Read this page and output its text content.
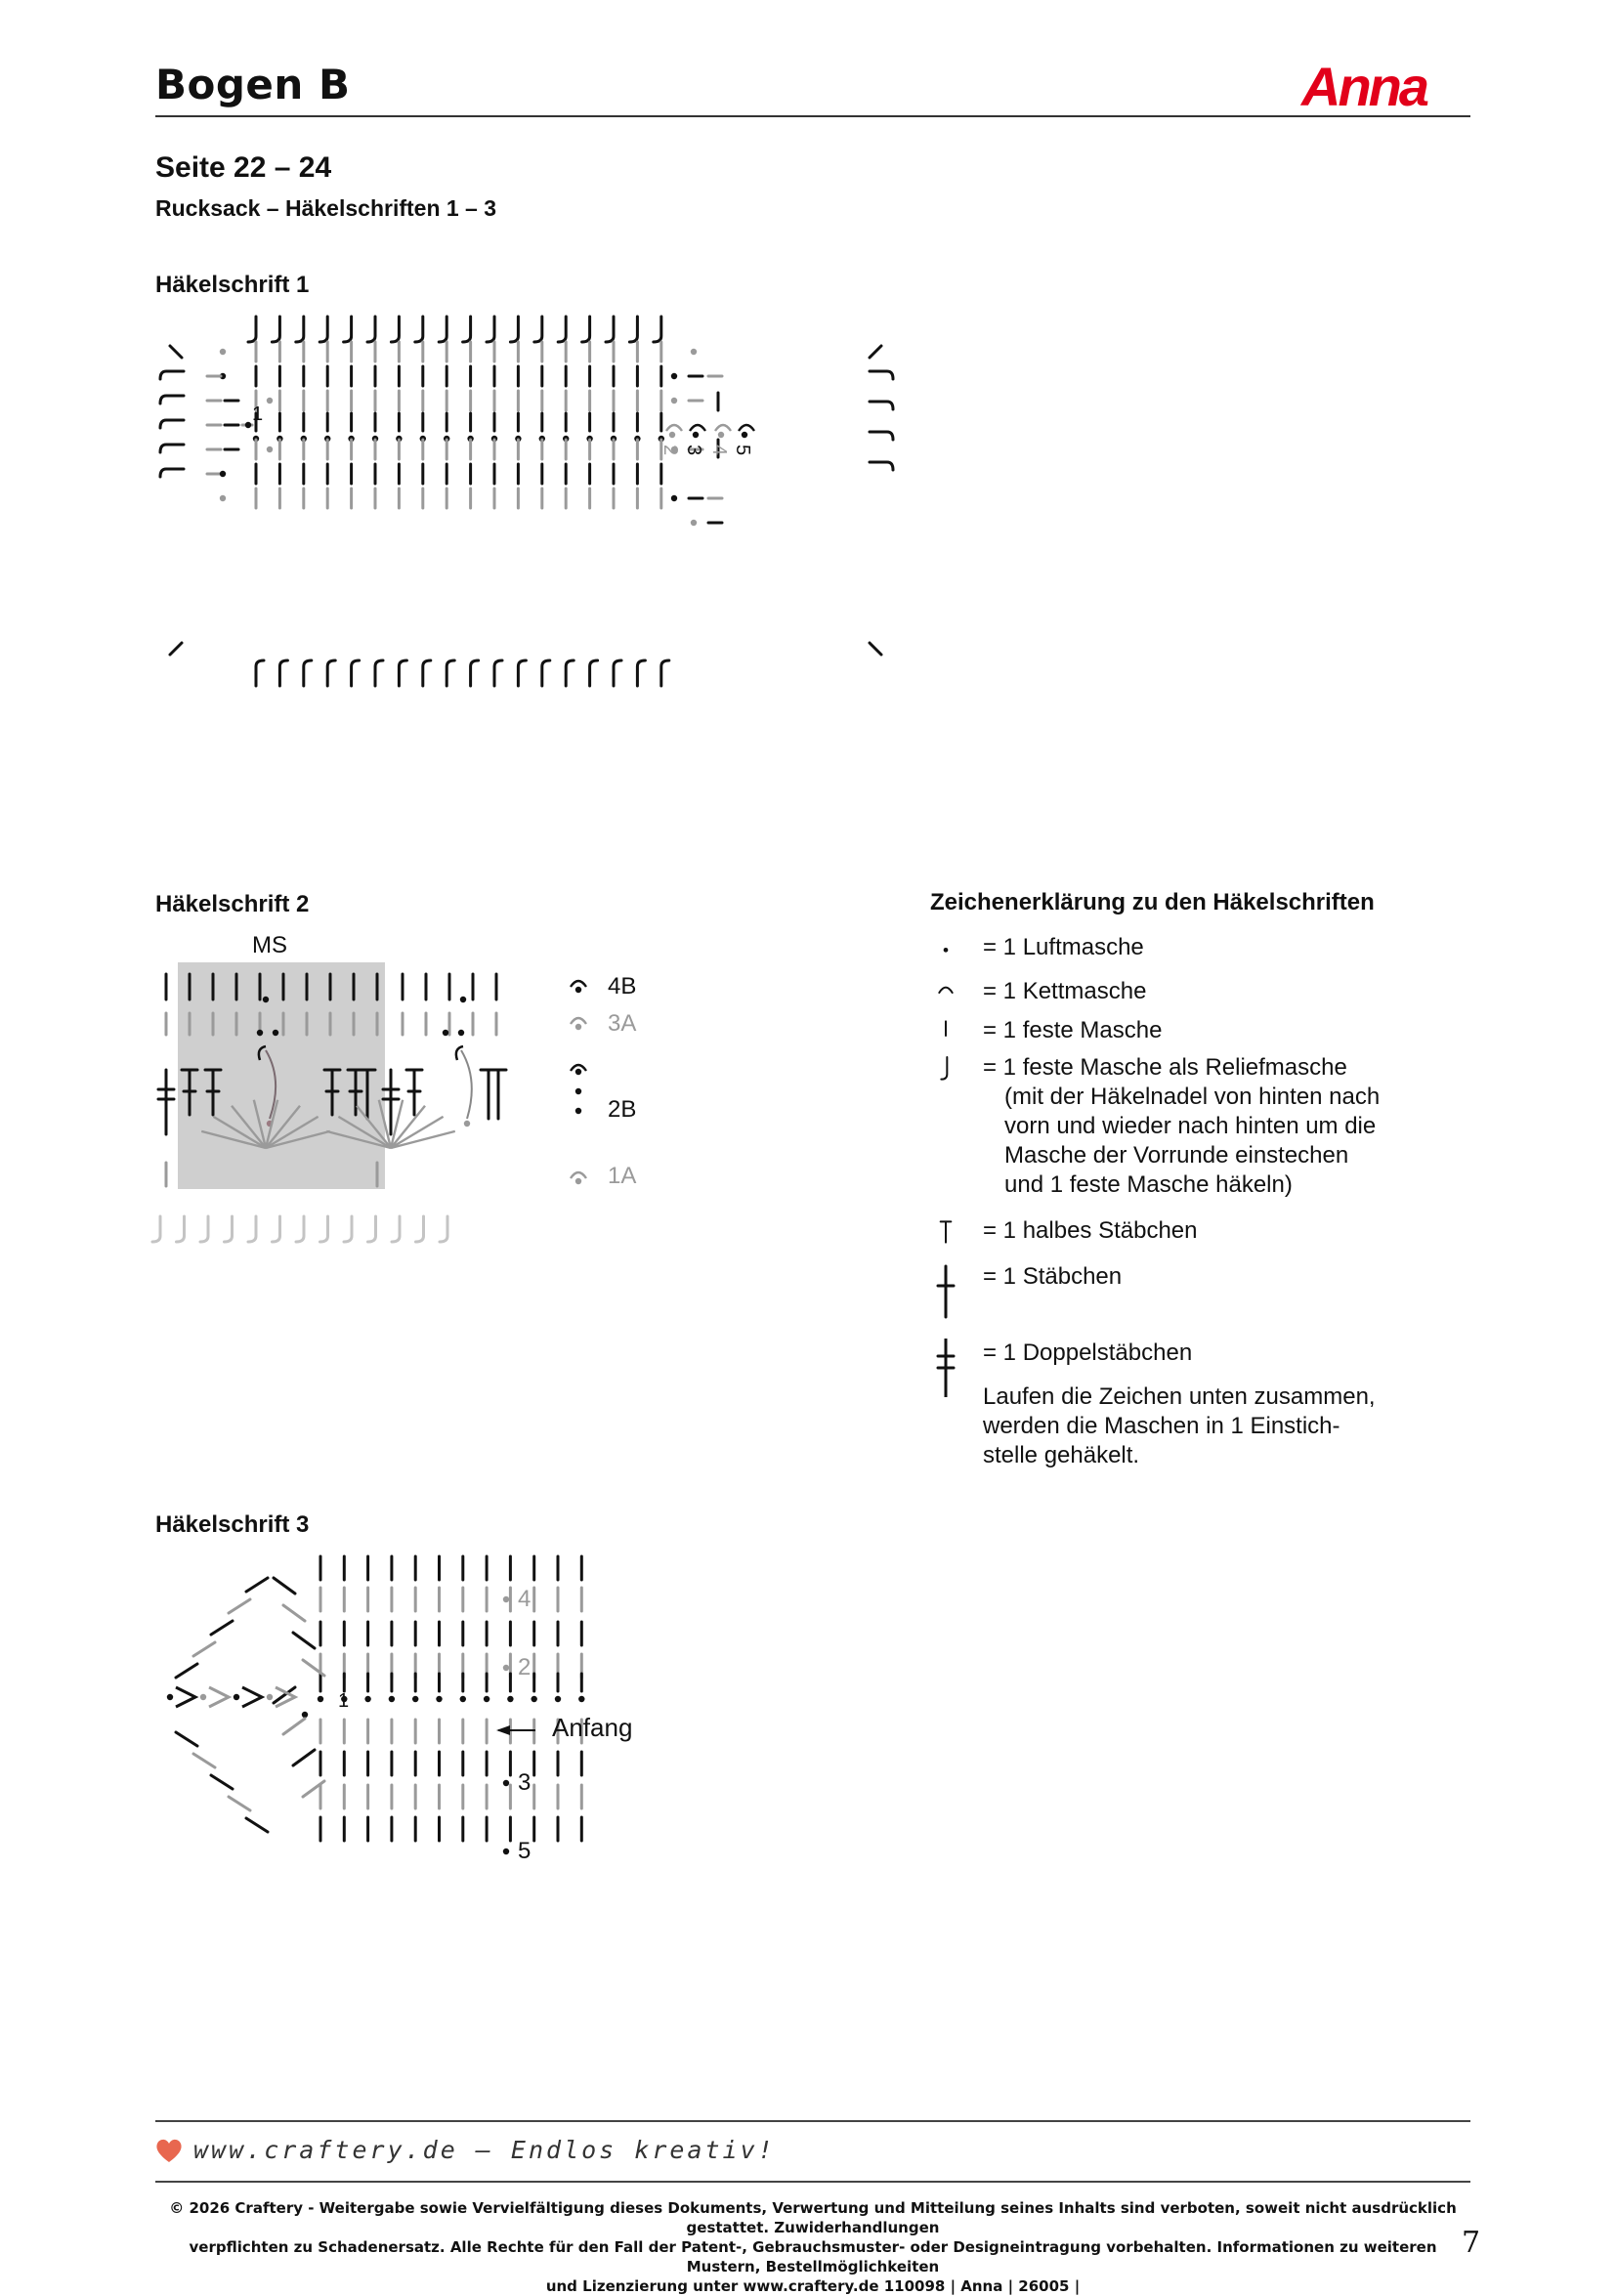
Bogen B	Anna
Seite 22 – 24
Rucksack – Häkelschriften 1 – 3
Häkelschrift 1
1
2 3 4 5
Häkelschrift 2
MS
4B
3A
2B
1A
Häkelschrift 3
1
4
2
3
5
Anfang
Zeichenerklärung zu den Häkelschriften
= 1 Luftmasche
= 1 Kettmasche
= 1 feste Masche
= 1 feste Masche als Reliefmasche
(mit der Häkelnadel von hinten nach
vorn und wieder nach hinten um die
Masche der Vorrunde einstechen
und 1 feste Masche häkeln)
= 1 halbes Stäbchen
= 1 Stäbchen
= 1 Doppelstäbchen
Laufen die Zeichen unten zusammen,
werden die Maschen in 1 Einstich-
stelle gehäkelt.
www.craftery.de – Endlos kreativ!
© 2026 Craftery - Weitergabe sowie Vervielfältigung dieses Dokuments, Verwertung und Mitteilung seines Inhalts sind verboten, soweit nicht ausdrücklich gestattet. Zuwiderhandlungen
verpflichten zu Schadenersatz. Alle Rechte für den Fall der Patent-, Gebrauchsmuster- oder Designeintragung vorbehalten. Informationen zu weiteren Mustern, Bestellmöglichkeiten
und Lizenzierung unter www.craftery.de 110098 | Anna | 26005 |
7
